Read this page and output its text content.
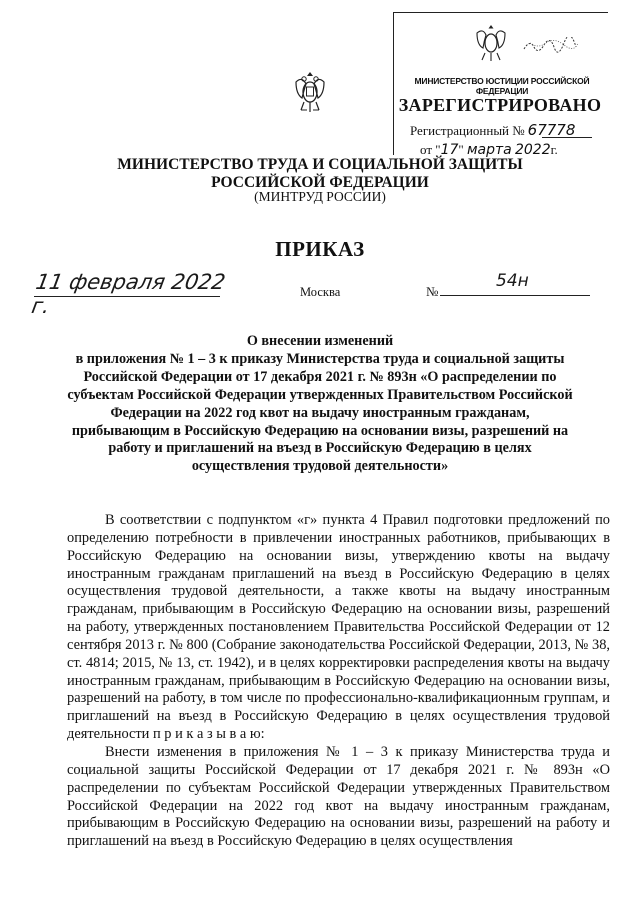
МИНИСТЕРСТВО ЮСТИЦИИ РОССИЙСКОЙ ФЕДЕРАЦИИ
ЗАРЕГИСТРИРОВАНО
Регистрационный № 67778
от "17" марта 2022г.
МИНИСТЕРСТВО ТРУДА И СОЦИАЛЬНОЙ ЗАЩИТЫ
РОССИЙСКОЙ ФЕДЕРАЦИИ
(МИНТРУД РОССИИ)
ПРИКАЗ
11 февраля 2022 г.
Москва	№
54н
О внесении изменений
в приложения № 1 – 3 к приказу Министерства труда и социальной защиты Российской Федерации от 17 декабря 2021 г. № 893н «О распределении по субъектам Российской Федерации утвержденных Правительством Российской Федерации на 2022 год квот на выдачу иностранным гражданам, прибывающим в Российскую Федерацию на основании визы, разрешений на работу и приглашений на въезд в Российскую Федерацию в целях осуществления трудовой деятельности»

В соответствии с подпунктом «г» пункта 4 Правил подготовки предложений по определению потребности в привлечении иностранных работников, прибывающих в Российскую Федерацию на основании визы, утверждению квоты на выдачу иностранным гражданам приглашений на въезд в Российскую Федерацию в целях осуществления трудовой деятельности, а также квоты на выдачу иностранным гражданам, прибывающим в Российскую Федерацию на основании визы, разрешений на работу, утвержденных постановлением Правительства Российской Федерации от 12 сентября 2013 г. № 800 (Собрание законодательства Российской Федерации, 2013, № 38, ст. 4814; 2015, № 13, ст. 1942), и в целях корректировки распределения квоты на выдачу иностранным гражданам, прибывающим в Российскую Федерацию на основании визы, разрешений на работу, в том числе по профессионально-квалификационным группам, и приглашений на въезд в Российскую Федерацию в целях осуществления трудовой деятельности п р и к а з ы в а ю:

Внести изменения в приложения № 1 – 3 к приказу Министерства труда и социальной защиты Российской Федерации от 17 декабря 2021 г. № 893н «О распределении по субъектам Российской Федерации утвержденных Правительством Российской Федерации на 2022 год квот на выдачу иностранным гражданам, прибывающим в Российскую Федерацию на основании визы, разрешений на работу и приглашений на въезд в Российскую Федерацию в целях осуществления
